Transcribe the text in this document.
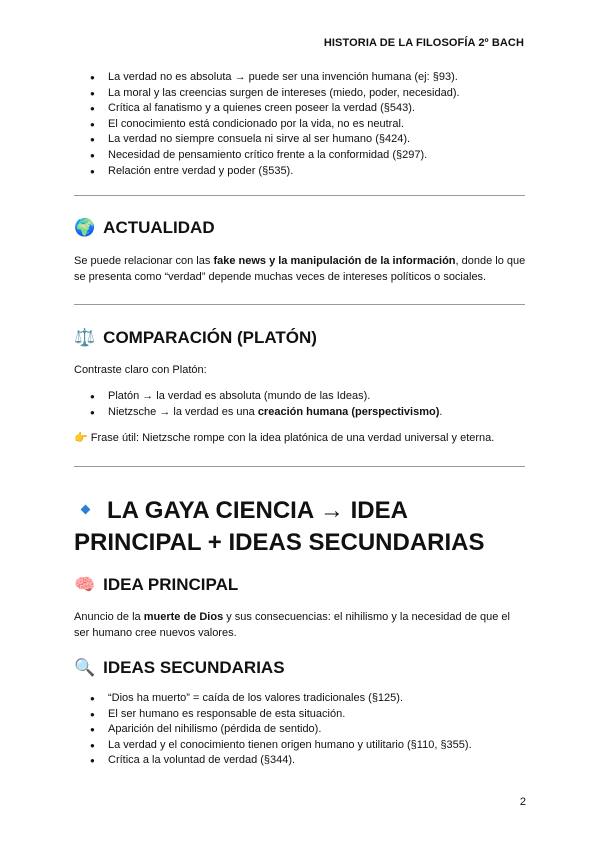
HISTORIA DE LA FILOSOFÍA 2º BACH
● La verdad no es absoluta → puede ser una invención humana (ej: §93).
● La moral y las creencias surgen de intereses (miedo, poder, necesidad).
● Crítica al fanatismo y a quienes creen poseer la verdad (§543).
● El conocimiento está condicionado por la vida, no es neutral.
● La verdad no siempre consuela ni sirve al ser humano (§424).
● Necesidad de pensamiento crítico frente a la conformidad (§297).
● Relación entre verdad y poder (§535).
🌍 ACTUALIDAD
Se puede relacionar con las fake news y la manipulación de la información, donde lo que se presenta como “verdad” depende muchas veces de intereses políticos o sociales.
⚖️ COMPARACIÓN (PLATÓN)
Contraste claro con Platón:
● Platón → la verdad es absoluta (mundo de las Ideas).
● Nietzsche → la verdad es una creación humana (perspectivismo).
👉 Frase útil: Nietzsche rompe con la idea platónica de una verdad universal y eterna.
LA GAYA CIENCIA → IDEA
PRINCIPAL + IDEAS SECUNDARIAS
🧠 IDEA PRINCIPAL
Anuncio de la muerte de Dios y sus consecuencias: el nihilismo y la necesidad de que el ser humano cree nuevos valores.
🔍 IDEAS SECUNDARIAS
● “Dios ha muerto” = caída de los valores tradicionales (§125).
● El ser humano es responsable de esta situación.
● Aparición del nihilismo (pérdida de sentido).
● La verdad y el conocimiento tienen origen humano y utilitario (§110, §355).
● Crítica a la voluntad de verdad (§344).
2
